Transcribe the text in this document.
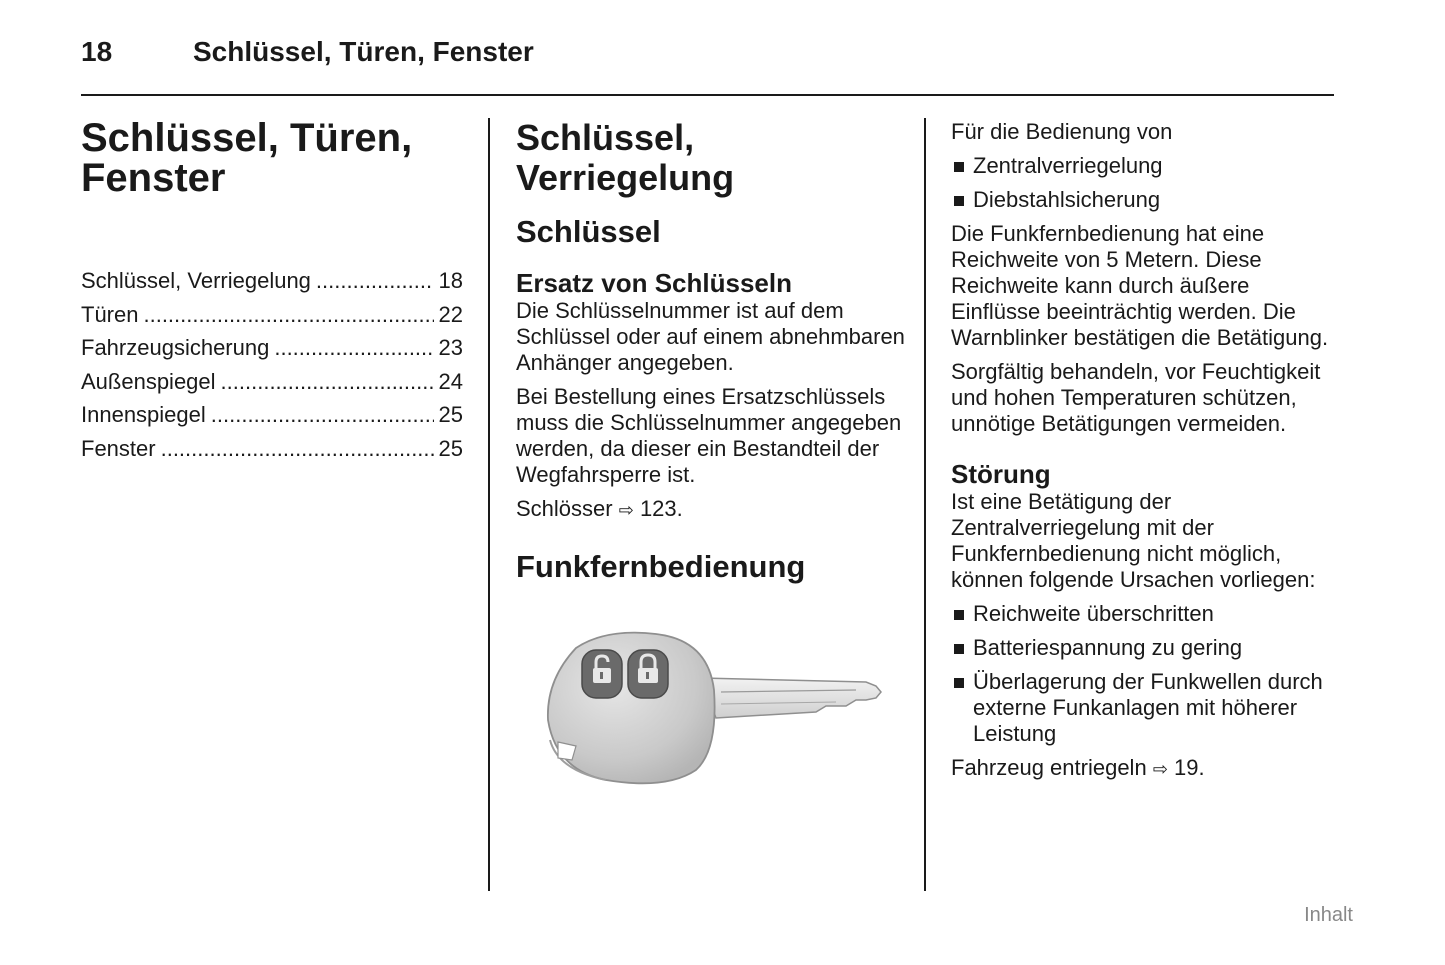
18	Schlüssel, Türen, Fenster
Schlüssel, Türen,
Fenster
Schlüssel, Verriegelung .....	18
Türen .....	22
Fahrzeugsicherung .....	23
Außenspiegel .....	24
Innenspiegel .....	25
Fenster .....	25
Schlüssel, Verriegelung
Schlüssel
Ersatz von Schlüsseln

Die Schlüsselnummer ist auf dem Schlüssel oder auf einem abnehmbaren Anhänger angegeben.

Bei Bestellung eines Ersatzschlüssels muss die Schlüsselnummer angegeben werden, da dieser ein Bestandteil der Wegfahrsperre ist.

Schlösser ⇨ 123.

Funkfernbedienung

Für die Bedienung von

Zentralverriegelung
Diebstahlsicherung

Die Funkfernbedienung hat eine Reichweite von 5 Metern. Diese Reichweite kann durch äußere Einflüsse beeinträchtig werden. Die Warnblinker bestätigen die Betätigung.

Sorgfältig behandeln, vor Feuchtigkeit und hohen Temperaturen schützen, unnötige Betätigungen vermeiden.

Störung

Ist eine Betätigung der Zentralverriegelung mit der Funkfernbedienung nicht möglich, können folgende Ursachen vorliegen:

Reichweite überschritten
Batteriespannung zu gering
Überlagerung der Funkwellen durch externe Funkanlagen mit höherer Leistung

Fahrzeug entriegeln ⇨ 19.

Inhalt
